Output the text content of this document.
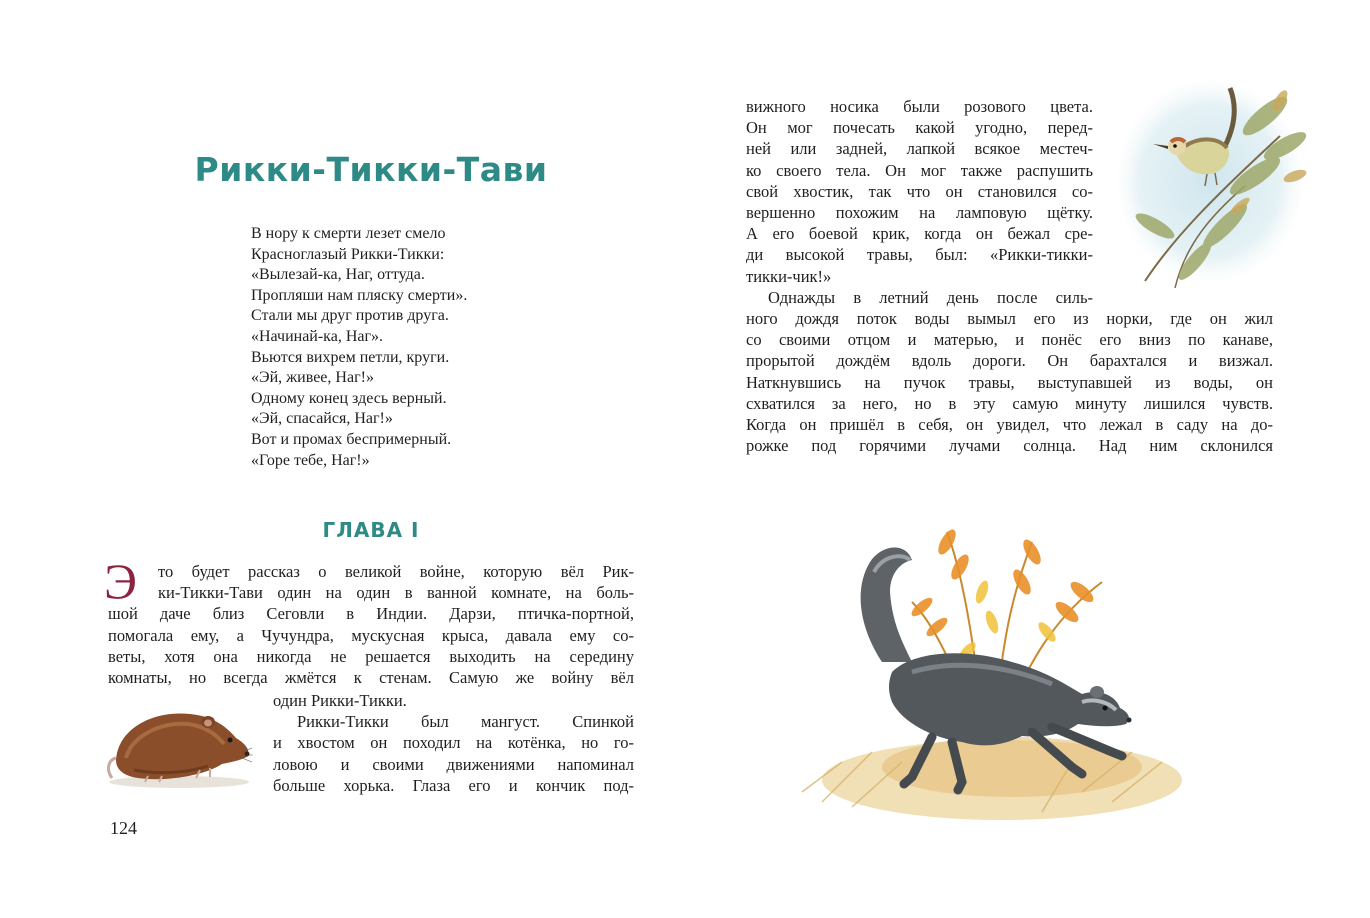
Рикки-Тикки-Тави
В нору к смерти лезет смело
Красноглазый Рикки-Тикки:
«Вылезай-ка, Наг, оттуда.
Пропляши нам пляску смерти».
Стали мы друг против друга.
«Начинай-ка, Наг».
Вьются вихрем петли, круги.
«Эй, живее, Наг!»
Одному конец здесь верный.
«Эй, спасайся, Наг!»
Вот и промах беспримерный.
«Горе тебе, Наг!»
ГЛАВА I
Э то будет рассказ о великой войне, которую вёл Рик-
ки-Тикки-Тави один на один в ванной комнате, на боль-
шой даче близ Сеговли в Индии. Дарзи, птичка-портной,
помогала ему, а Чучундра, мускусная крыса, давала ему со-
веты, хотя она никогда не решается выходить на середину
комнаты, но всегда жмётся к стенам. Самую же войну вёл
один Рикки-Тикки.
Рикки-Тикки был мангуст. Спинкой
и хвостом он походил на котёнка, но го-
ловою и своими движениями напоминал
больше хорька. Глаза его и кончик под-
124
вижного носика были розового цвета.
Он мог почесать какой угодно, перед-
ней или задней, лапкой всякое местеч-
ко своего тела. Он мог также распушить
свой хвостик, так что он становился со-
вершенно похожим на ламповую щётку.
А его боевой крик, когда он бежал сре-
ди высокой травы, был: «Рикки-тикки-
тикки-чик!»
Однажды в летний день после силь-
ного дождя поток воды вымыл его из норки, где он жил
со своими отцом и матерью, и понёс его вниз по канаве,
прорытой дождём вдоль дороги. Он барахтался и визжал.
Наткнувшись на пучок травы, выступавшей из воды, он
схватился за него, но в эту самую минуту лишился чувств.
Когда он пришёл в себя, он увидел, что лежал в саду на до-
рожке под горячими лучами солнца. Над ним склонился
